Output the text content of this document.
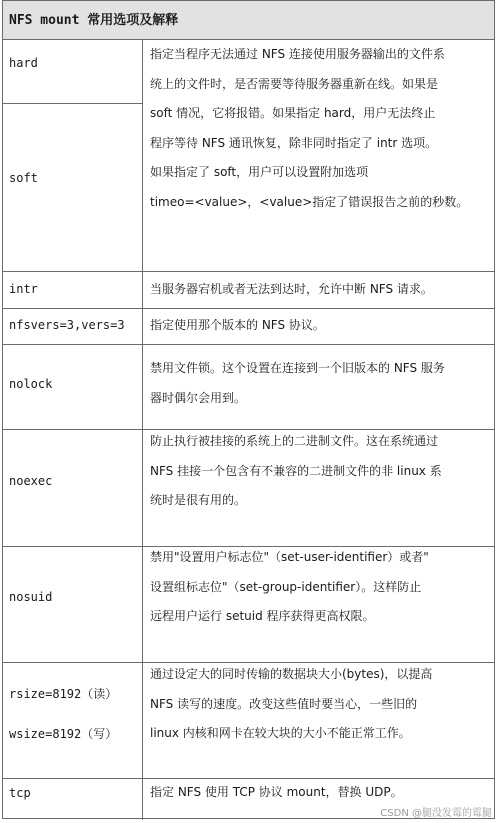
NFS mount 常用选项及解释
hard
soft
指定当程序无法通过 NFS 连接使用服务器输出的文件系
统上的文件时，是否需要等待服务器重新在线。如果是
soft 情况，它将报错。如果指定 hard，用户无法终止
程序等待 NFS 通讯恢复，除非同时指定了 intr 选项。
如果指定了 soft，用户可以设置附加选项
timeo=<value>，<value>指定了错误报告之前的秒数。
intr	当服务器宕机或者无法到达时，允许中断 NFS 请求。
nfsvers=3,vers=3 指定使用那个版本的 NFS 协议。
nolock
禁用文件锁。这个设置在连接到一个旧版本的 NFS 服务
器时偶尔会用到。
noexec
防止执行被挂接的系统上的二进制文件。这在系统通过
NFS 挂接一个包含有不兼容的二进制文件的非 linux 系
统时是很有用的。
nosuid
禁用"设置用户标志位"（set-user-identifier）或者"
设置组标志位"（set-group-identifier）。这样防止
远程用户运行 setuid 程序获得更高权限。
rsize=8192（读）
wsize=8192（写）
通过设定大的同时传输的数据块大小(bytes)，以提高
NFS 读写的速度。改变这些值时要当心，一些旧的
linux 内核和网卡在较大块的大小不能正常工作。
tcp	指定 NFS 使用 TCP 协议 mount，替换 UDP。
CSDN @腿没发霉的霉腿
